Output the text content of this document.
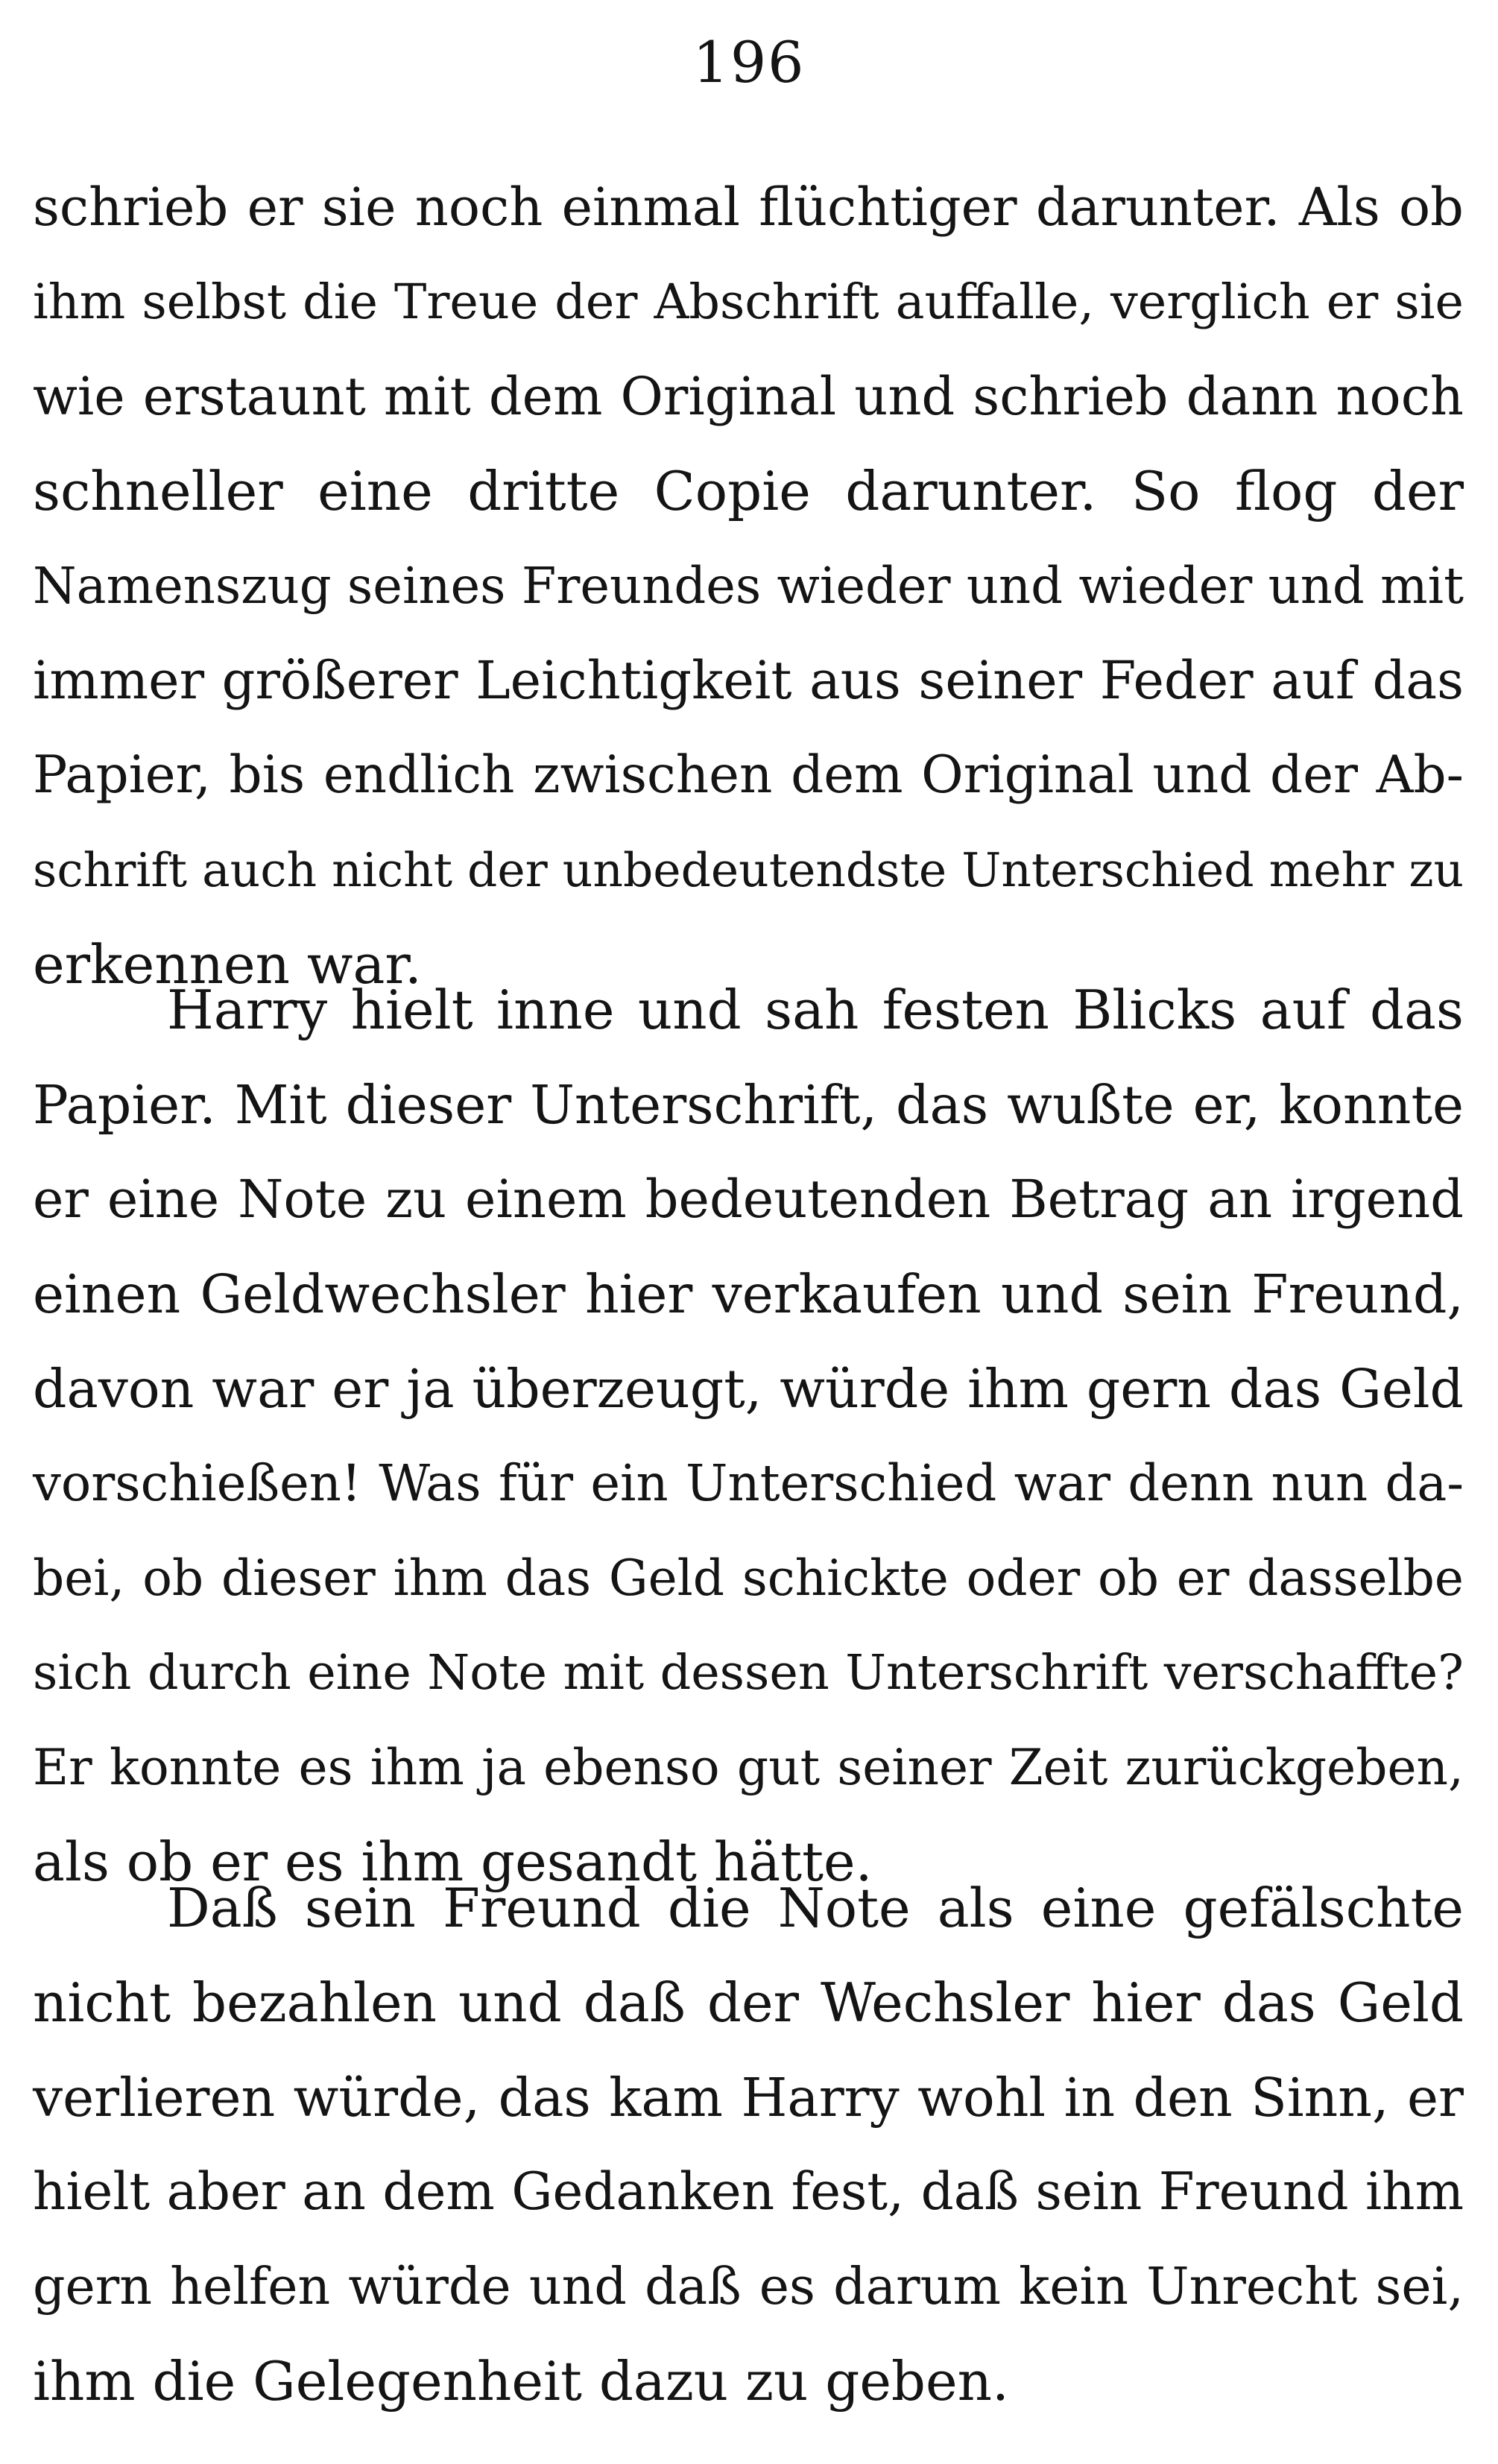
196
schrieb er sie noch einmal flüchtiger darunter. Als ob
ihm selbst die Treue der Abschrift auffalle, verglich er sie
wie erstaunt mit dem Original und schrieb dann noch
schneller eine dritte Copie darunter. So flog der
Namenszug seines Freundes wieder und wieder und mit
immer größerer Leichtigkeit aus seiner Feder auf das
Papier, bis endlich zwischen dem Original und der Ab-
schrift auch nicht der unbedeutendste Unterschied mehr zu
erkennen war.
Harry hielt inne und sah festen Blicks auf das
Papier. Mit dieser Unterschrift, das wußte er, konnte
er eine Note zu einem bedeutenden Betrag an irgend
einen Geldwechsler hier verkaufen und sein Freund,
davon war er ja überzeugt, würde ihm gern das Geld
vorschießen! Was für ein Unterschied war denn nun da-
bei, ob dieser ihm das Geld schickte oder ob er dasselbe
sich durch eine Note mit dessen Unterschrift verschaffte?
Er konnte es ihm ja ebenso gut seiner Zeit zurückgeben,
als ob er es ihm gesandt hätte.
Daß sein Freund die Note als eine gefälschte
nicht bezahlen und daß der Wechsler hier das Geld
verlieren würde, das kam Harry wohl in den Sinn, er
hielt aber an dem Gedanken fest, daß sein Freund ihm
gern helfen würde und daß es darum kein Unrecht sei,
ihm die Gelegenheit dazu zu geben.
